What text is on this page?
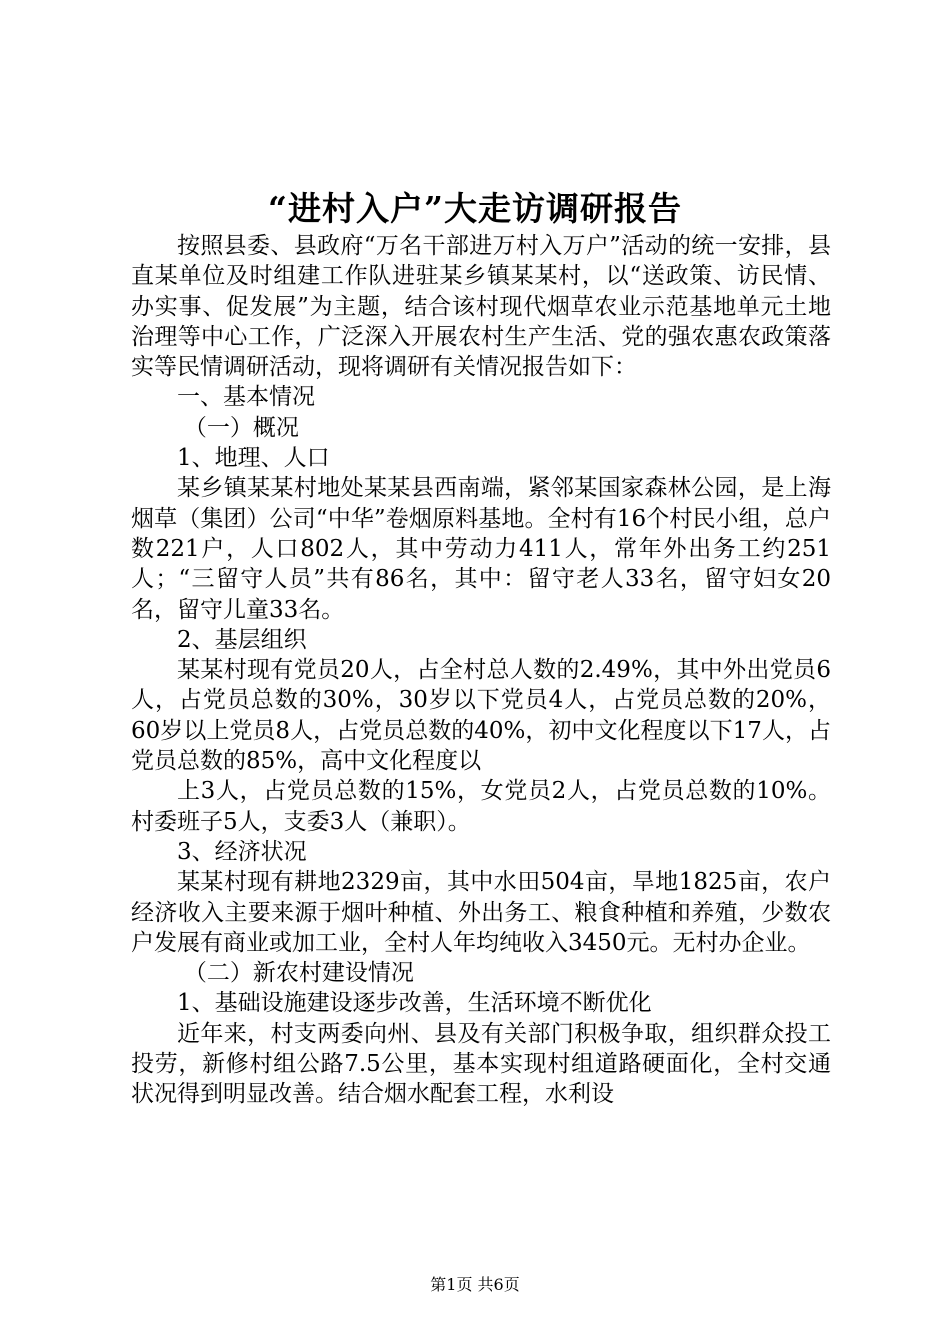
“进村入户”大走访调研报告

按照县委、县政府“万名干部进万村入万户”活动的统一安排，县直某单位及时组建工作队进驻某乡镇某某村，以“送政策、访民情、办实事、促发展”为主题，结合该村现代烟草农业示范基地单元土地治理等中心工作，广泛深入开展农村生产生活、党的强农惠农政策落实等民情调研活动，现将调研有关情况报告如下：

一、基本情况

（一）概况

1、地理、人口

某乡镇某某村地处某某县西南端，紧邻某国家森林公园，是上海烟草（集团）公司“中华”卷烟原料基地。全村有16个村民小组，总户数221户，人口802人，其中劳动力411人，常年外出务工约251人；“三留守人员”共有86名，其中：留守老人33名，留守妇女20名，留守儿童33名。

2、基层组织

某某村现有党员20人，占全村总人数的2.49%，其中外出党员6人，占党员总数的30%，30岁以下党员4人，占党员总数的20%，60岁以上党员8人，占党员总数的40%，初中文化程度以下17人，占党员总数的85%，高中文化程度以

上3人，占党员总数的15%，女党员2人，占党员总数的10%。村委班子5人，支委3人（兼职）。

3、经济状况

某某村现有耕地2329亩，其中水田504亩，旱地1825亩，农户经济收入主要来源于烟叶种植、外出务工、粮食种植和养殖，少数农户发展有商业或加工业，全村人年均纯收入3450元。无村办企业。

（二）新农村建设情况

1、基础设施建设逐步改善，生活环境不断优化

近年来，村支两委向州、县及有关部门积极争取，组织群众投工投劳，新修村组公路7.5公里，基本实现村组道路硬面化，全村交通状况得到明显改善。结合烟水配套工程，水利设

第1页 共6页
